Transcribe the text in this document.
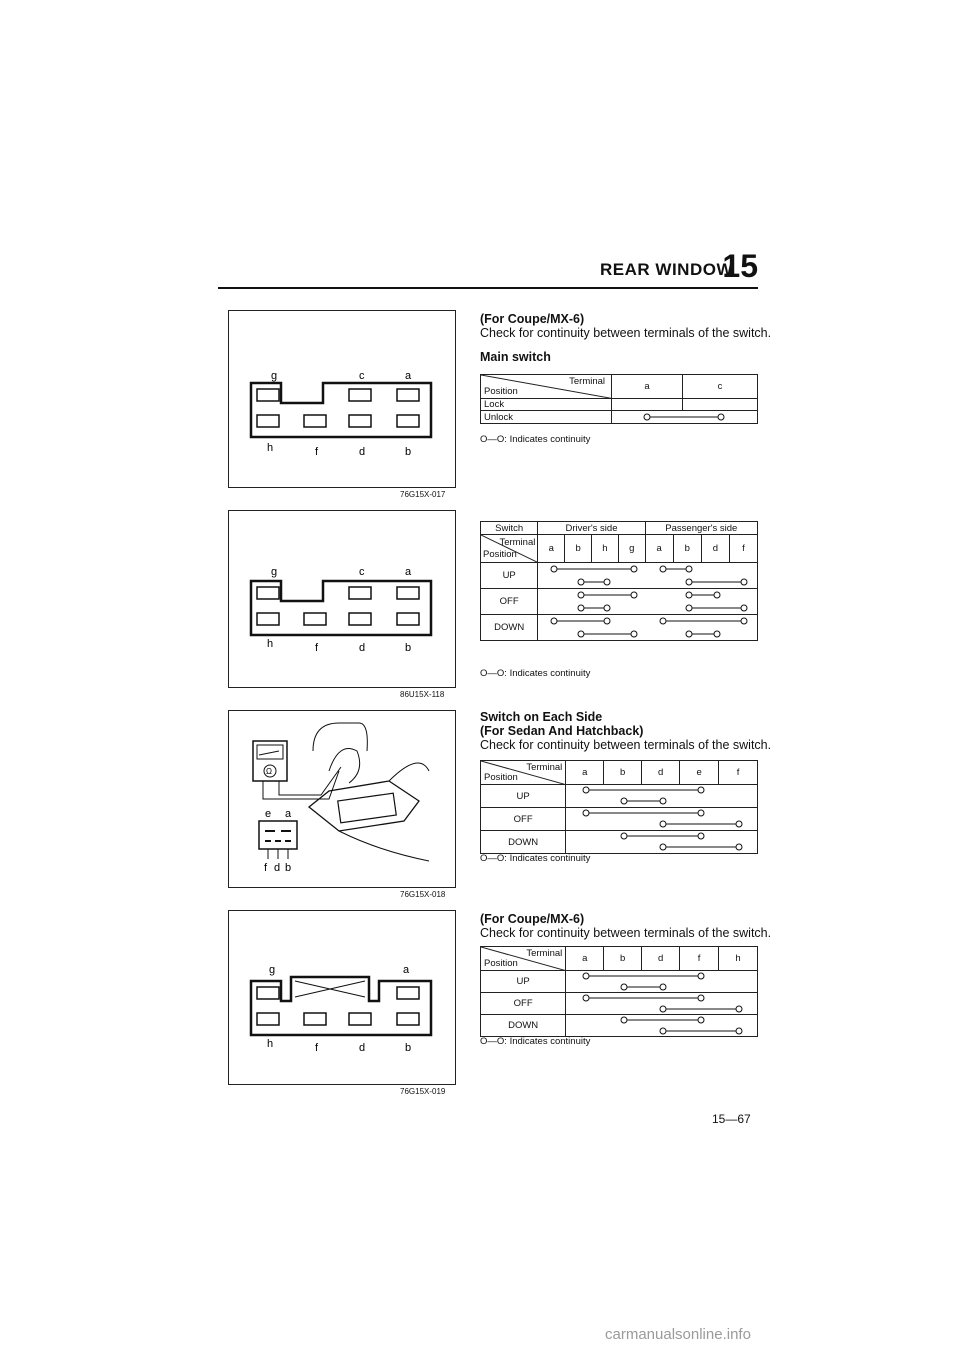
REAR WINDOW
15
g	c	a
h	f	d	b
76G15X-017
g	c	a
h	f	d	b
86U15X-118
Ω
e a
f d b
76G15X-018
g	a
h	f	d	b
76G15X-019
(For Coupe/MX-6)
Check for continuity between terminals of the switch.
Main switch
Terminal
Position	a	c
Lock		
Unlock	
O—O: Indicates continuity
Switch	Driver's side				Passenger's side			

Terminal
Position	a	b	h	g	a	b	d	f
UP								
OFF								
DOWN								
O—O: Indicates continuity
Switch on Each Side
(For Sedan And Hatchback)
Check for continuity between terminals of the switch.
Terminal
Position	a	b	d	e	f
UP					
OFF					
DOWN					
O—O: Indicates continuity
(For Coupe/MX-6)
Check for continuity between terminals of the switch.
Terminal
Position	a	b	d	f	h
UP					
OFF					
DOWN					
O—O: Indicates continuity
15—67
carmanualsonline.info
